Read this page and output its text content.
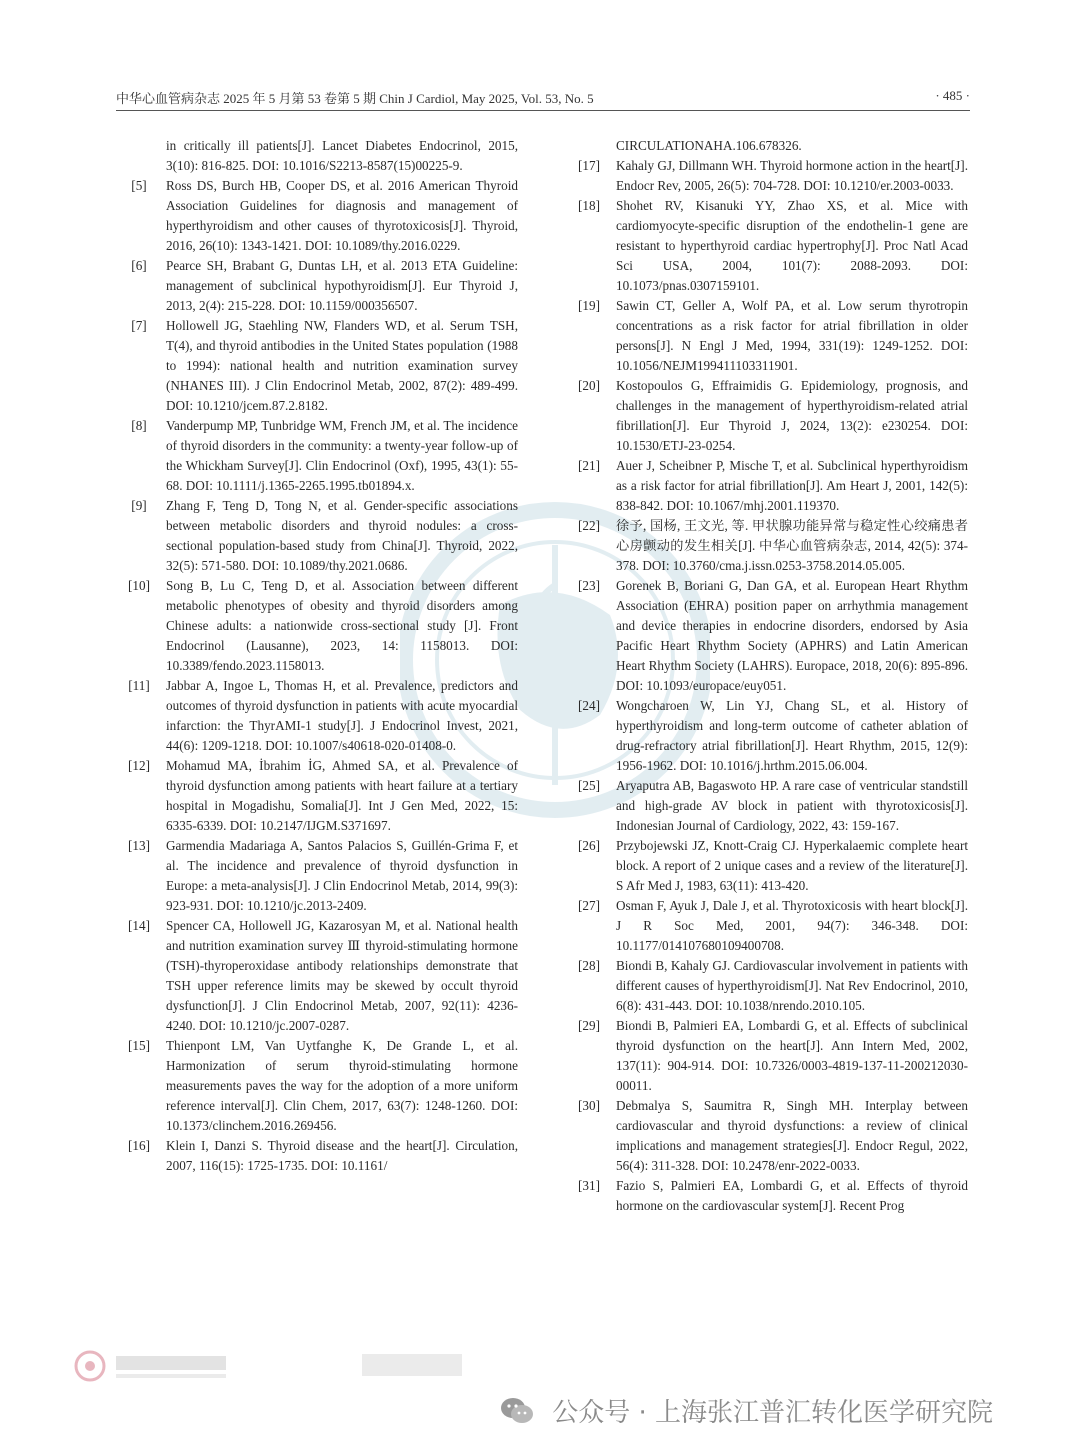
中华心血管病杂志 2025 年 5 月第 53 卷第 5 期 Chin J Cardiol, May 2025, Vol. 53, No. 5	· 485 ·
in critically ill patients[J]. Lancet Diabetes Endocrinol, 2015, 3(10): 816-825. DOI: 10.1016/S2213-8587(15)00225-9.
[5]	Ross DS, Burch HB, Cooper DS, et al. 2016 American Thyroid Association Guidelines for diagnosis and management of hyperthyroidism and other causes of thyrotoxicosis[J]. Thyroid, 2016, 26(10): 1343-1421. DOI: 10.1089/thy.2016.0229.
[6]	Pearce SH, Brabant G, Duntas LH, et al. 2013 ETA Guideline: management of subclinical hypothyroidism[J]. Eur Thyroid J, 2013, 2(4): 215-228. DOI: 10.1159/000356507.
[7]	Hollowell JG, Staehling NW, Flanders WD, et al. Serum TSH, T(4), and thyroid antibodies in the United States population (1988 to 1994): national health and nutrition examination survey (NHANES III). J Clin Endocrinol Metab, 2002, 87(2): 489-499. DOI: 10.1210/jcem.87.2.8182.
[8]	Vanderpump MP, Tunbridge WM, French JM, et al. The incidence of thyroid disorders in the community: a twenty-year follow-up of the Whickham Survey[J]. Clin Endocrinol (Oxf), 1995, 43(1): 55-68. DOI: 10.1111/j.1365-2265.1995.tb01894.x.
[9]	Zhang F, Teng D, Tong N, et al. Gender-specific associations between metabolic disorders and thyroid nodules: a cross-sectional population-based study from China[J]. Thyroid, 2022, 32(5): 571-580. DOI: 10.1089/thy.2021.0686.
[10]	Song B, Lu C, Teng D, et al. Association between different metabolic phenotypes of obesity and thyroid disorders among Chinese adults: a nationwide cross-sectional study [J]. Front Endocrinol (Lausanne), 2023, 14: 1158013. DOI: 10.3389/fendo.2023.1158013.
[11]	Jabbar A, Ingoe L, Thomas H, et al. Prevalence, predictors and outcomes of thyroid dysfunction in patients with acute myocardial infarction: the ThyrAMI-1 study[J]. J Endocrinol Invest, 2021, 44(6): 1209-1218. DOI: 10.1007/s40618-020-01408-0.
[12]	Mohamud MA, İbrahim İG, Ahmed SA, et al. Prevalence of thyroid dysfunction among patients with heart failure at a tertiary hospital in Mogadishu, Somalia[J]. Int J Gen Med, 2022, 15: 6335-6339. DOI: 10.2147/IJGM.S371697.
[13]	Garmendia Madariaga A, Santos Palacios S, Guillén-Grima F, et al. The incidence and prevalence of thyroid dysfunction in Europe: a meta-analysis[J]. J Clin Endocrinol Metab, 2014, 99(3): 923-931. DOI: 10.1210/jc.2013-2409.
[14]	Spencer CA, Hollowell JG, Kazarosyan M, et al. National health and nutrition examination survey Ⅲ thyroid-stimulating hormone (TSH)-thyroperoxidase antibody relationships demonstrate that TSH upper reference limits may be skewed by occult thyroid dysfunction[J]. J Clin Endocrinol Metab, 2007, 92(11): 4236-4240. DOI: 10.1210/jc.2007-0287.
[15]	Thienpont LM, Van Uytfanghe K, De Grande L, et al. Harmonization of serum thyroid-stimulating hormone measurements paves the way for the adoption of a more uniform reference interval[J]. Clin Chem, 2017, 63(7): 1248-1260. DOI: 10.1373/clinchem.2016.269456.
[16]	Klein I, Danzi S. Thyroid disease and the heart[J]. Circulation, 2007, 116(15): 1725-1735. DOI: 10.1161/
CIRCULATIONAHA.106.678326.
[17]	Kahaly GJ, Dillmann WH. Thyroid hormone action in the heart[J]. Endocr Rev, 2005, 26(5): 704-728. DOI: 10.1210/er.2003-0033.
[18]	Shohet RV, Kisanuki YY, Zhao XS, et al. Mice with cardiomyocyte-specific disruption of the endothelin-1 gene are resistant to hyperthyroid cardiac hypertrophy[J]. Proc Natl Acad Sci USA, 2004, 101(7): 2088-2093. DOI: 10.1073/pnas.0307159101.
[19]	Sawin CT, Geller A, Wolf PA, et al. Low serum thyrotropin concentrations as a risk factor for atrial fibrillation in older persons[J]. N Engl J Med, 1994, 331(19): 1249-1252. DOI: 10.1056/NEJM199411103311901.
[20]	Kostopoulos G, Effraimidis G. Epidemiology, prognosis, and challenges in the management of hyperthyroidism-related atrial fibrillation[J]. Eur Thyroid J, 2024, 13(2): e230254. DOI: 10.1530/ETJ-23-0254.
[21]	Auer J, Scheibner P, Mische T, et al. Subclinical hyperthyroidism as a risk factor for atrial fibrillation[J]. Am Heart J, 2001, 142(5): 838-842. DOI: 10.1067/mhj.2001.119370.
[22]	徐予, 国杨, 王文光, 等. 甲状腺功能异常与稳定性心绞痛患者心房颤动的发生相关[J]. 中华心血管病杂志, 2014, 42(5): 374-378. DOI: 10.3760/cma.j.issn.0253-3758.2014.05.005.
[23]	Gorenek B, Boriani G, Dan GA, et al. European Heart Rhythm Association (EHRA) position paper on arrhythmia management and device therapies in endocrine disorders, endorsed by Asia Pacific Heart Rhythm Society (APHRS) and Latin American Heart Rhythm Society (LAHRS). Europace, 2018, 20(6): 895-896. DOI: 10.1093/europace/euy051.
[24]	Wongcharoen W, Lin YJ, Chang SL, et al. History of hyperthyroidism and long-term outcome of catheter ablation of drug-refractory atrial fibrillation[J]. Heart Rhythm, 2015, 12(9): 1956-1962. DOI: 10.1016/j.hrthm.2015.06.004.
[25]	Aryaputra AB, Bagaswoto HP. A rare case of ventricular standstill and high-grade AV block in patient with thyrotoxicosis[J]. Indonesian Journal of Cardiology, 2022, 43: 159-167.
[26]	Przybojewski JZ, Knott-Craig CJ. Hyperkalaemic complete heart block. A report of 2 unique cases and a review of the literature[J]. S Afr Med J, 1983, 63(11): 413-420.
[27]	Osman F, Ayuk J, Dale J, et al. Thyrotoxicosis with heart block[J]. J R Soc Med, 2001, 94(7): 346-348. DOI: 10.1177/014107680109400708.
[28]	Biondi B, Kahaly GJ. Cardiovascular involvement in patients with different causes of hyperthyroidism[J]. Nat Rev Endocrinol, 2010, 6(8): 431-443. DOI: 10.1038/nrendo.2010.105.
[29]	Biondi B, Palmieri EA, Lombardi G, et al. Effects of subclinical thyroid dysfunction on the heart[J]. Ann Intern Med, 2002, 137(11): 904-914. DOI: 10.7326/0003-4819-137-11-200212030-00011.
[30]	Debmalya S, Saumitra R, Singh MH. Interplay between cardiovascular and thyroid dysfunctions: a review of clinical implications and management strategies[J]. Endocr Regul, 2022, 56(4): 311-328. DOI: 10.2478/enr-2022-0033.
[31]	Fazio S, Palmieri EA, Lombardi G, et al. Effects of thyroid hormone on the cardiovascular system[J]. Recent Prog
公众号 · 上海张江普汇转化医学研究院
